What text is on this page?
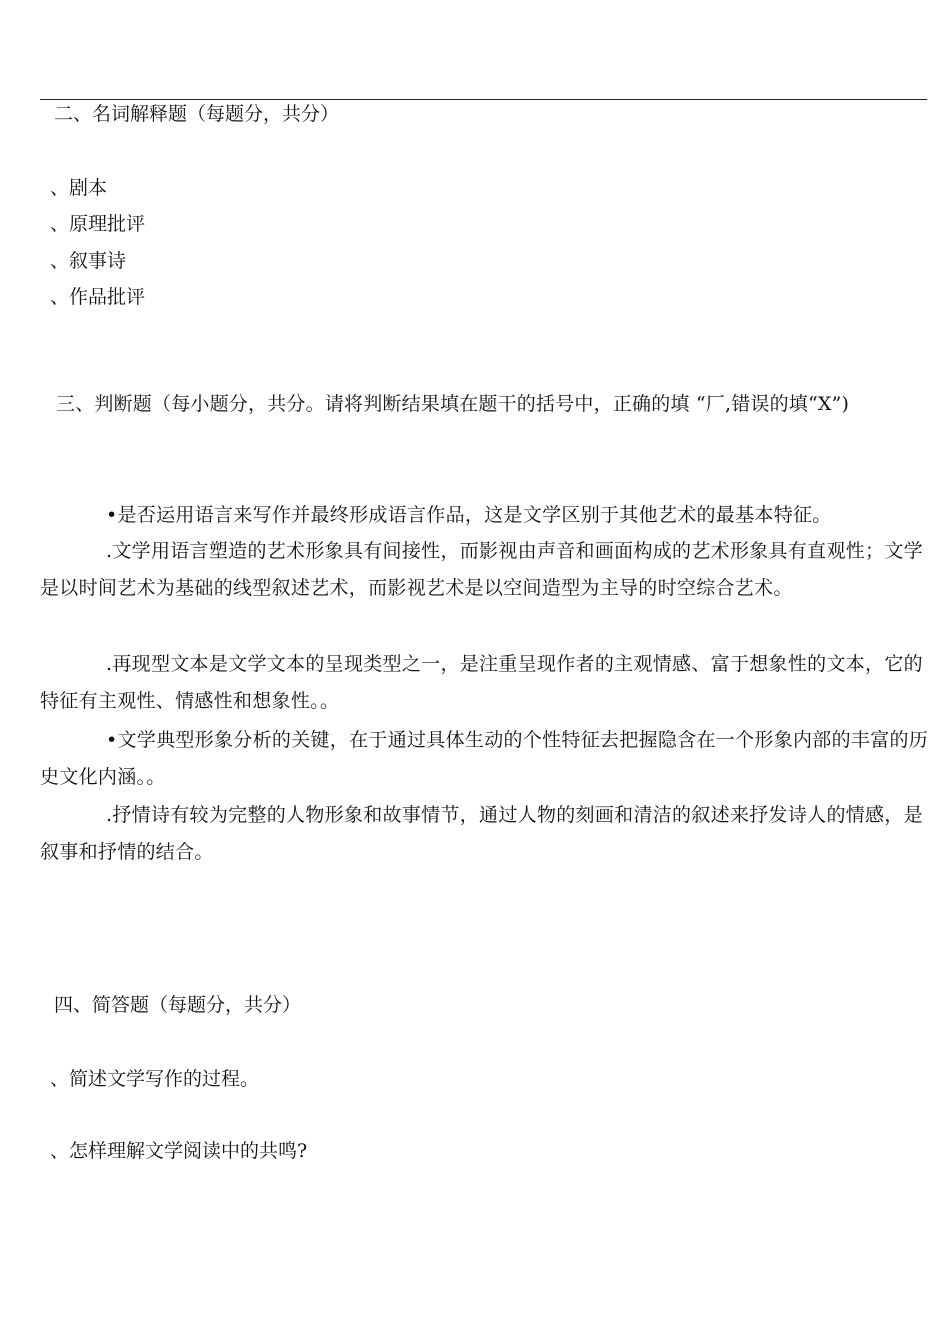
二、名词解释题（每题分，共分）
、剧本
、原理批评
、叙事诗
、作品批评
三、判断题（每小题分，共分。请将判断结果填在题干的括号中，正确的填 “厂,错误的填“X”)
•是否运用语言来写作并最终形成语言作品，这是文学区别于其他艺术的最基本特征。
.文学用语言塑造的艺术形象具有间接性，而影视由声音和画面构成的艺术形象具有直观性；文学是以时间艺术为基础的线型叙述艺术，而影视艺术是以空间造型为主导的时空综合艺术。
.再现型文本是文学文本的呈现类型之一，是注重呈现作者的主观情感、富于想象性的文本，它的特征有主观性、情感性和想象性。。
•文学典型形象分析的关键，在于通过具体生动的个性特征去把握隐含在一个形象内部的丰富的历史文化内涵。。
.抒情诗有较为完整的人物形象和故事情节，通过人物的刻画和清洁的叙述来抒发诗人的情感，是叙事和抒情的结合。
四、简答题（每题分，共分）
、简述文学写作的过程。
、怎样理解文学阅读中的共鸣?
